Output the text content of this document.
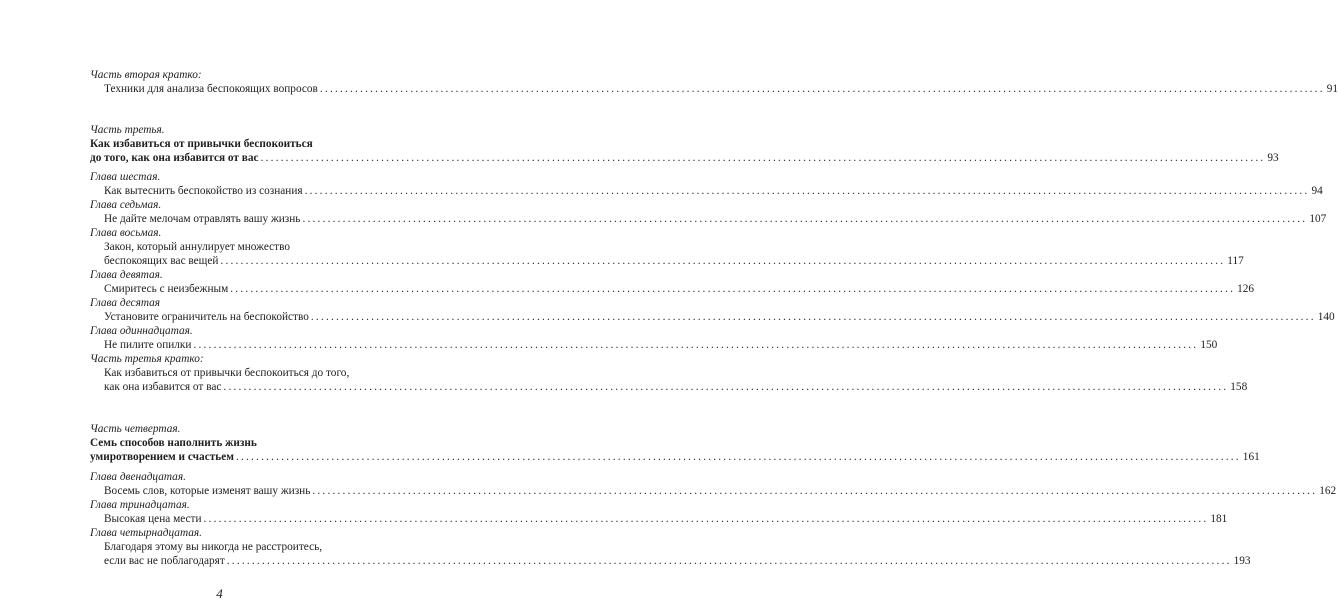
Часть вторая кратко:
Техники для анализа беспокоящих вопросов ........................................................................................................................................................................................................ 91
Часть третья.
Как избавиться от привычки беспокоиться
до того, как она избавится от вас ........................................................................................................................................................................................................ 93
Глава шестая.
Как вытеснить беспокойство из сознания ........................................................................................................................................................................................................ 94
Глава седьмая.
Не дайте мелочам отравлять вашу жизнь ........................................................................................................................................................................................................ 107
Глава восьмая.
Закон, который аннулирует множество
беспокоящих вас вещей ........................................................................................................................................................................................................ 117
Глава девятая.
Смиритесь с неизбежным ........................................................................................................................................................................................................ 126
Глава десятая
Установите ограничитель на беспокойство ........................................................................................................................................................................................................ 140
Глава одиннадцатая.
Не пилите опилки ........................................................................................................................................................................................................ 150
Часть третья кратко:
Как избавиться от привычки беспокоиться до того,
как она избавится от вас ........................................................................................................................................................................................................ 158
Часть четвертая.
Семь способов наполнить жизнь
умиротворением и счастьем ........................................................................................................................................................................................................ 161
Глава двенадцатая.
Восемь слов, которые изменят вашу жизнь ........................................................................................................................................................................................................ 162
Глава тринадцатая.
Высокая цена мести ........................................................................................................................................................................................................ 181
Глава четырнадцатая.
Благодаря этому вы никогда не расстроитесь,
если вас не поблагодарят ........................................................................................................................................................................................................ 193
4
